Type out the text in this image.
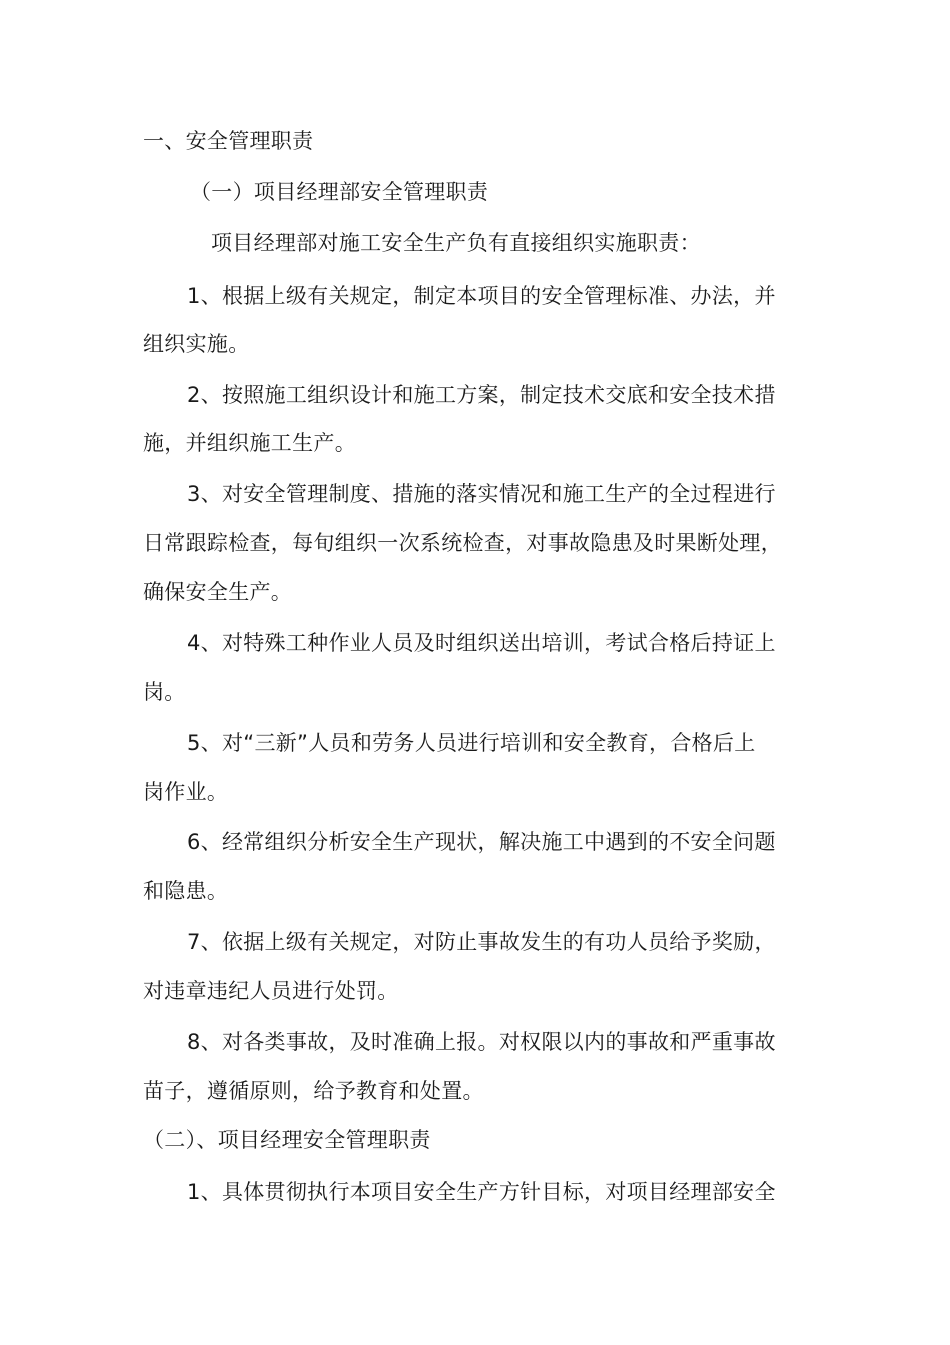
一、安全管理职责
（一）项目经理部安全管理职责
项目经理部对施工安全生产负有直接组织实施职责：
1、根据上级有关规定，制定本项目的安全管理标准、办法，并
组织实施。
2、按照施工组织设计和施工方案，制定技术交底和安全技术措
施，并组织施工生产。
3、对安全管理制度、措施的落实情况和施工生产的全过程进行
日常跟踪检查，每旬组织一次系统检查，对事故隐患及时果断处理，
确保安全生产。
4、对特殊工种作业人员及时组织送出培训，考试合格后持证上
岗。
5、对“三新”人员和劳务人员进行培训和安全教育，合格后上
岗作业。
6、经常组织分析安全生产现状，解决施工中遇到的不安全问题
和隐患。
7、依据上级有关规定，对防止事故发生的有功人员给予奖励，
对违章违纪人员进行处罚。
8、对各类事故，及时准确上报。对权限以内的事故和严重事故
苗子，遵循原则，给予教育和处置。
（二）、项目经理安全管理职责
1、具体贯彻执行本项目安全生产方针目标，对项目经理部安全
